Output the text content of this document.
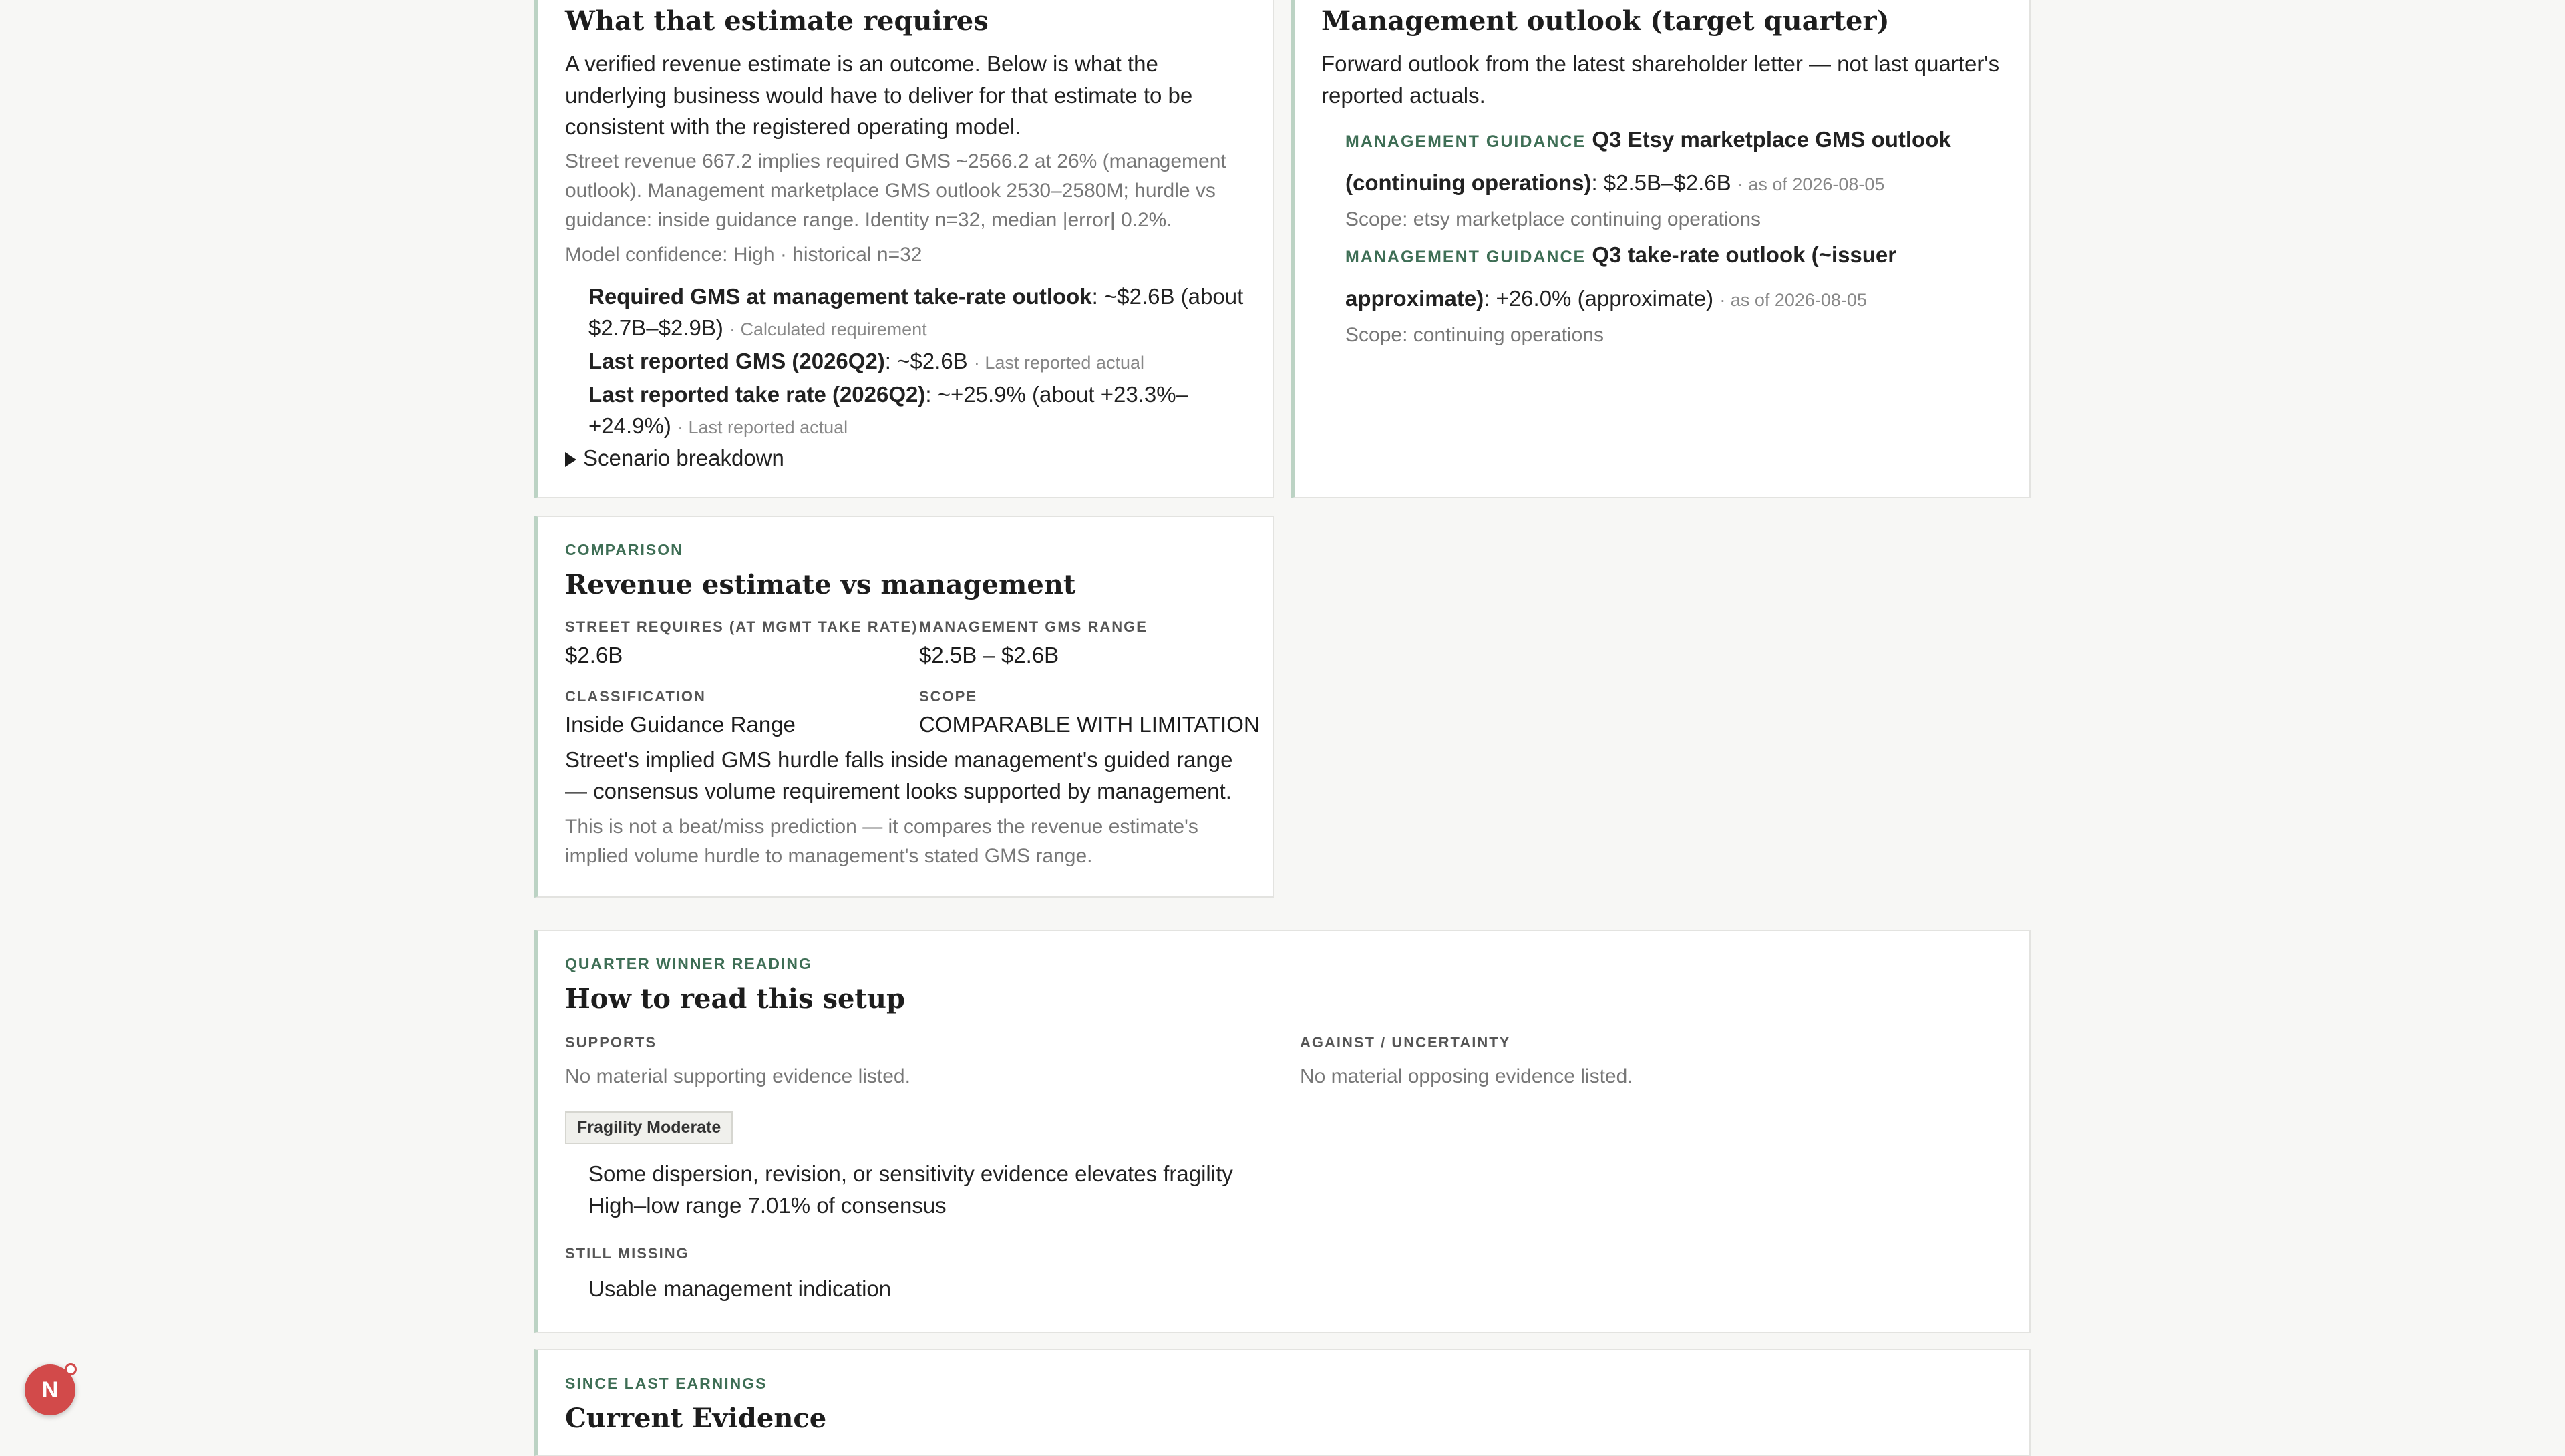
What that estimate requires
A verified revenue estimate is an outcome. Below is what the underlying business would have to deliver for that estimate to be consistent with the registered operating model.
Street revenue 667.2 implies required GMS ~2566.2 at 26% (management outlook). Management marketplace GMS outlook 2530–2580M; hurdle vs guidance: inside guidance range. Identity n=32, median |error| 0.2%.
Model confidence: High · historical n=32
Required GMS at management take-rate outlook: ~$2.6B (about $2.7B–$2.9B) · Calculated requirement
Last reported GMS (2026Q2): ~$2.6B · Last reported actual
Last reported take rate (2026Q2): ~+25.9% (about +23.3%–+24.9%) · Last reported actual
Scenario breakdown
Management outlook (target quarter)
Forward outlook from the latest shareholder letter — not last quarter's reported actuals.
MANAGEMENT GUIDANCE Q3 Etsy marketplace GMS outlook (continuing operations): $2.5B–$2.6B · as of 2026-08-05
Scope: etsy marketplace continuing operations
MANAGEMENT GUIDANCE Q3 take-rate outlook (~issuer approximate): +26.0% (approximate) · as of 2026-08-05
Scope: continuing operations
COMPARISON
Revenue estimate vs management
STREET REQUIRES (AT MGMT TAKE RATE)
$2.6B
MANAGEMENT GMS RANGE
$2.5B – $2.6B
CLASSIFICATION
Inside Guidance Range
SCOPE
COMPARABLE WITH LIMITATION
Street's implied GMS hurdle falls inside management's guided range — consensus volume requirement looks supported by management.
This is not a beat/miss prediction — it compares the revenue estimate's implied volume hurdle to management's stated GMS range.
QUARTER WINNER READING
How to read this setup
SUPPORTS
No material supporting evidence listed.
AGAINST / UNCERTAINTY
No material opposing evidence listed.
Fragility Moderate
Some dispersion, revision, or sensitivity evidence elevates fragility
High–low range 7.01% of consensus
STILL MISSING
Usable management indication
SINCE LAST EARNINGS
Current Evidence
N
